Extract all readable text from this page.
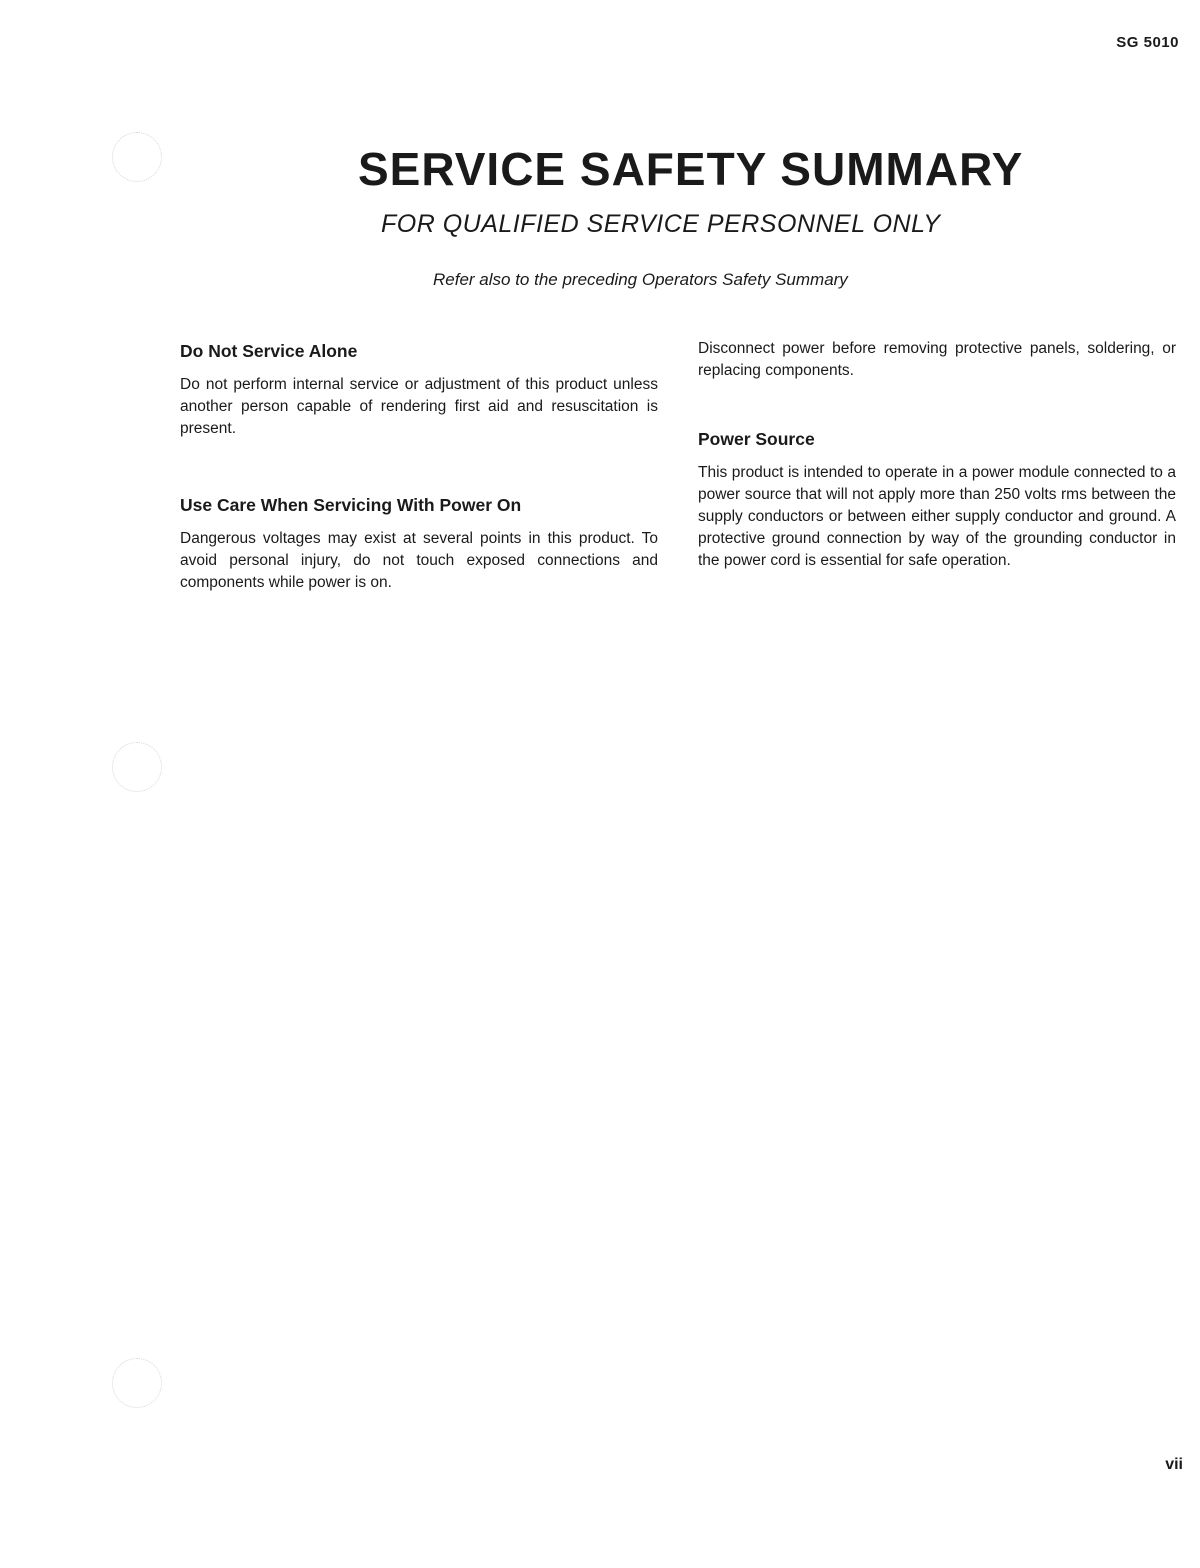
SG 5010
SERVICE SAFETY SUMMARY

FOR QUALIFIED SERVICE PERSONNEL ONLY

Refer also to the preceding Operators Safety Summary

Do Not Service Alone

Do not perform internal service or adjustment of this product unless another person capable of rendering first aid and resuscitation is present.

Use Care When Servicing With Power On

Dangerous voltages may exist at several points in this product. To avoid personal injury, do not touch exposed connections and components while power is on.

Disconnect power before removing protective panels, soldering, or replacing components.

Power Source

This product is intended to operate in a power module connected to a power source that will not apply more than 250 volts rms between the supply conductors or between either supply conductor and ground. A protective ground connection by way of the grounding conductor in the power cord is essential for safe operation.

vii
